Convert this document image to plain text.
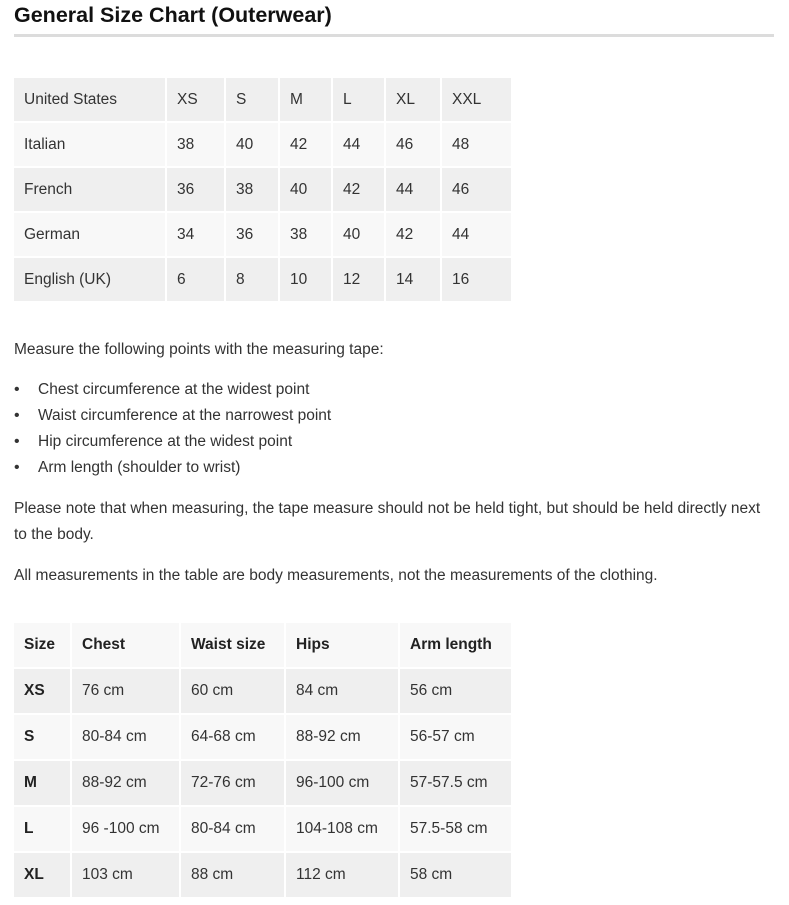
General Size Chart (Outerwear)
United States	XS	S	M	L	XL	XXL
Italian	38	40	42	44	46	48
French	36	38	40	42	44	46
German	34	36	38	40	42	44
English (UK)	6	8	10	12	14	16

Measure the following points with the measuring tape:

•	Chest circumference at the widest point
•	Waist circumference at the narrowest point
•	Hip circumference at the widest point
•	Arm length (shoulder to wrist)

Please note that when measuring, the tape measure should not be held tight, but should be held directly next to the body.

All measurements in the table are body measurements, not the measurements of the clothing.

Size	Chest	Waist size	Hips	Arm length
XS	76 cm	60 cm	84 cm	56 cm
S	80-84 cm	64-68 cm	88-92 cm	56-57 cm
M	88-92 cm	72-76 cm	96-100 cm	57-57.5 cm
L	96 -100 cm	80-84 cm	104-108 cm	57.5-58 cm
XL	103 cm	88 cm	112 cm	58 cm
